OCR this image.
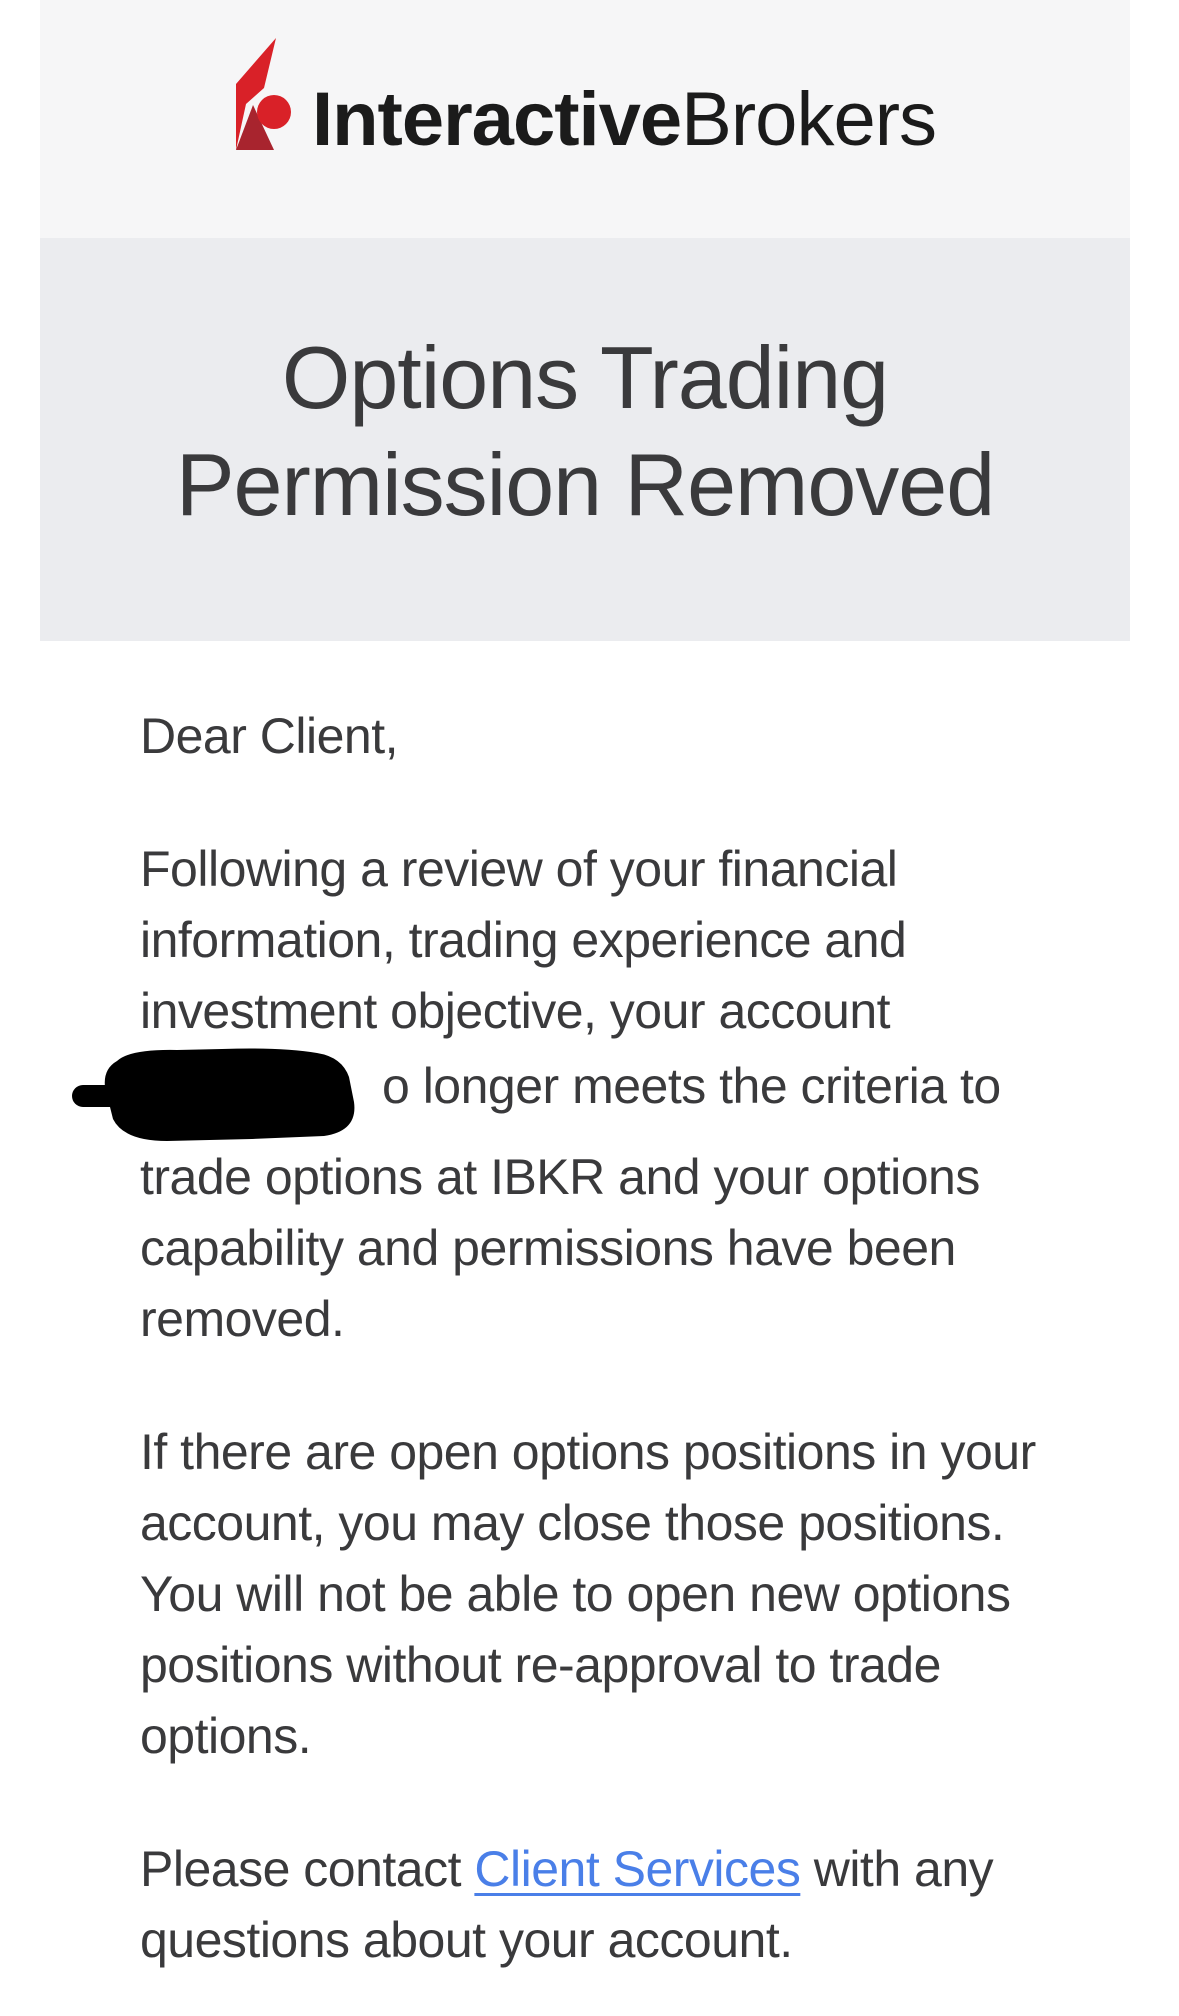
InteractiveBrokers
Options Trading Permission Removed
Dear Client,
Following a review of your financial
information, trading experience and
investment objective, your account
o longer meets the criteria to
trade options at IBKR and your options
capability and permissions have been
removed.
If there are open options positions in your
account, you may close those positions.
You will not be able to open new options
positions without re-approval to trade
options.
Please contact Client Services with any
questions about your account.
